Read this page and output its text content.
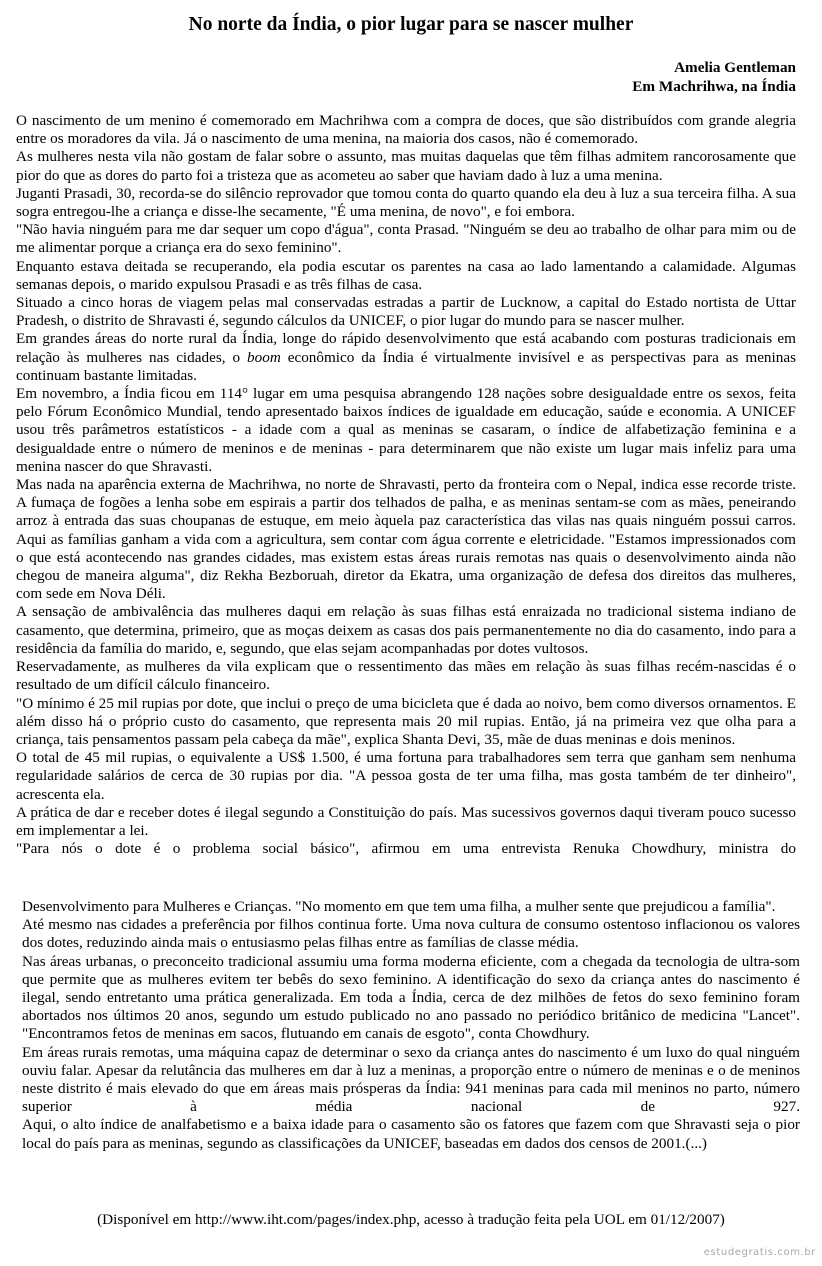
No norte da Índia, o pior lugar para se nascer mulher
Amelia Gentleman
Em Machrihwa, na Índia

O nascimento de um menino é comemorado em Machrihwa com a compra de doces, que são distribuídos com grande alegria entre os moradores da vila. Já o nascimento de uma menina, na maioria dos casos, não é comemorado.

As mulheres nesta vila não gostam de falar sobre o assunto, mas muitas daquelas que têm filhas admitem rancorosamente que pior do que as dores do parto foi a tristeza que as acometeu ao saber que haviam dado à luz a uma menina.

Juganti Prasadi, 30, recorda-se do silêncio reprovador que tomou conta do quarto quando ela deu à luz a sua terceira filha. A sua sogra entregou-lhe a criança e disse-lhe secamente, "É uma menina, de novo", e foi embora.

"Não havia ninguém para me dar sequer um copo d'água", conta Prasad. "Ninguém se deu ao trabalho de olhar para mim ou de me alimentar porque a criança era do sexo feminino".

Enquanto estava deitada se recuperando, ela podia escutar os parentes na casa ao lado lamentando a calamidade. Algumas semanas depois, o marido expulsou Prasadi e as três filhas de casa.

Situado a cinco horas de viagem pelas mal conservadas estradas a partir de Lucknow, a capital do Estado nortista de Uttar Pradesh, o distrito de Shravasti é, segundo cálculos da UNICEF, o pior lugar do mundo para se nascer mulher.

Em grandes áreas do norte rural da Índia, longe do rápido desenvolvimento que está acabando com posturas tradicionais em relação às mulheres nas cidades, o boom econômico da Índia é virtualmente invisível e as perspectivas para as meninas continuam bastante limitadas.

Em novembro, a Índia ficou em 114° lugar em uma pesquisa abrangendo 128 nações sobre desigualdade entre os sexos, feita pelo Fórum Econômico Mundial, tendo apresentado baixos índices de igualdade em educação, saúde e economia. A UNICEF usou três parâmetros estatísticos - a idade com a qual as meninas se casaram, o índice de alfabetização feminina e a desigualdade entre o número de meninos e de meninas - para determinarem que não existe um lugar mais infeliz para uma menina nascer do que Shravasti.

Mas nada na aparência externa de Machrihwa, no norte de Shravasti, perto da fronteira com o Nepal, indica esse recorde triste. A fumaça de fogões a lenha sobe em espirais a partir dos telhados de palha, e as meninas sentam-se com as mães, peneirando arroz à entrada das suas choupanas de estuque, em meio àquela paz característica das vilas nas quais ninguém possui carros. Aqui as famílias ganham a vida com a agricultura, sem contar com água corrente e eletricidade. "Estamos impressionados com o que está acontecendo nas grandes cidades, mas existem estas áreas rurais remotas nas quais o desenvolvimento ainda não chegou de maneira alguma", diz Rekha Bezboruah, diretor da Ekatra, uma organização de defesa dos direitos das mulheres, com sede em Nova Déli.

A sensação de ambivalência das mulheres daqui em relação às suas filhas está enraizada no tradicional sistema indiano de casamento, que determina, primeiro, que as moças deixem as casas dos pais permanentemente no dia do casamento, indo para a residência da família do marido, e, segundo, que elas sejam acompanhadas por dotes vultosos.

Reservadamente, as mulheres da vila explicam que o ressentimento das mães em relação às suas filhas recém-nascidas é o resultado de um difícil cálculo financeiro.

"O mínimo é 25 mil rupias por dote, que inclui o preço de uma bicicleta que é dada ao noivo, bem como diversos ornamentos. E além disso há o próprio custo do casamento, que representa mais 20 mil rupias. Então, já na primeira vez que olha para a criança, tais pensamentos passam pela cabeça da mãe", explica Shanta Devi, 35, mãe de duas meninas e dois meninos.

O total de 45 mil rupias, o equivalente a US$ 1.500, é uma fortuna para trabalhadores sem terra que ganham sem nenhuma regularidade salários de cerca de 30 rupias por dia. "A pessoa gosta de ter uma filha, mas gosta também de ter dinheiro", acrescenta ela.

A prática de dar e receber dotes é ilegal segundo a Constituição do país. Mas sucessivos governos daqui tiveram pouco sucesso em implementar a lei.

"Para nós o dote é o problema social básico", afirmou em uma entrevista Renuka Chowdhury, ministra do

Desenvolvimento para Mulheres e Crianças. "No momento em que tem uma filha, a mulher sente que prejudicou a família".

Até mesmo nas cidades a preferência por filhos continua forte. Uma nova cultura de consumo ostentoso inflacionou os valores dos dotes, reduzindo ainda mais o entusiasmo pelas filhas entre as famílias de classe média.

Nas áreas urbanas, o preconceito tradicional assumiu uma forma moderna eficiente, com a chegada da tecnologia de ultra-som que permite que as mulheres evitem ter bebês do sexo feminino. A identificação do sexo da criança antes do nascimento é ilegal, sendo entretanto uma prática generalizada. Em toda a Índia, cerca de dez milhões de fetos do sexo feminino foram abortados nos últimos 20 anos, segundo um estudo publicado no ano passado no periódico britânico de medicina "Lancet". "Encontramos fetos de meninas em sacos, flutuando em canais de esgoto", conta Chowdhury.

Em áreas rurais remotas, uma máquina capaz de determinar o sexo da criança antes do nascimento é um luxo do qual ninguém ouviu falar. Apesar da relutância das mulheres em dar à luz a meninas, a proporção entre o número de meninas e o de meninos neste distrito é mais elevado do que em áreas mais prósperas da Índia: 941 meninas para cada mil meninos no parto, número superior à média nacional de 927.

Aqui, o alto índice de analfabetismo e a baixa idade para o casamento são os fatores que fazem com que Shravasti seja o pior local do país para as meninas, segundo as classificações da UNICEF, baseadas em dados dos censos de 2001.(...)

(Disponível em http://www.iht.com/pages/index.php, acesso à tradução feita pela UOL em 01/12/2007)
estudegratis.com.br
